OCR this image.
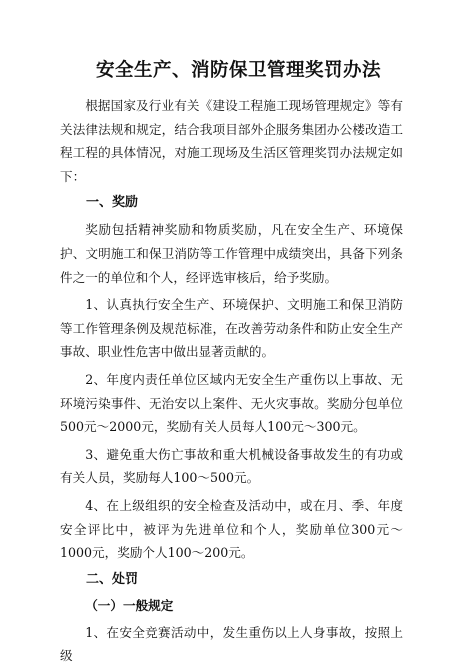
安全生产、消防保卫管理奖罚办法

根据国家及行业有关《建设工程施工现场管理规定》等有关法律法规和规定，结合我项目部外企服务集团办公楼改造工程工程的具体情况，对施工现场及生活区管理奖罚办法规定如下：

一、奖励

奖励包括精神奖励和物质奖励，凡在安全生产、环境保护、文明施工和保卫消防等工作管理中成绩突出，具备下列条件之一的单位和个人，经评选审核后，给予奖励。

1、认真执行安全生产、环境保护、文明施工和保卫消防等工作管理条例及规范标准，在改善劳动条件和防止安全生产事故、职业性危害中做出显著贡献的。

2、年度内责任单位区域内无安全生产重伤以上事故、无环境污染事件、无治安以上案件、无火灾事故。奖励分包单位500元～2000元，奖励有关人员每人100元～300元。

3、避免重大伤亡事故和重大机械设备事故发生的有功或有关人员，奖励每人100～500元。

4、在上级组织的安全检查及活动中，或在月、季、年度安全评比中，被评为先进单位和个人，奖励单位300元～1000元，奖励个人100～200元。

二、处罚
（一）一般规定

1、在安全竞赛活动中，发生重伤以上人身事故，按照上级
